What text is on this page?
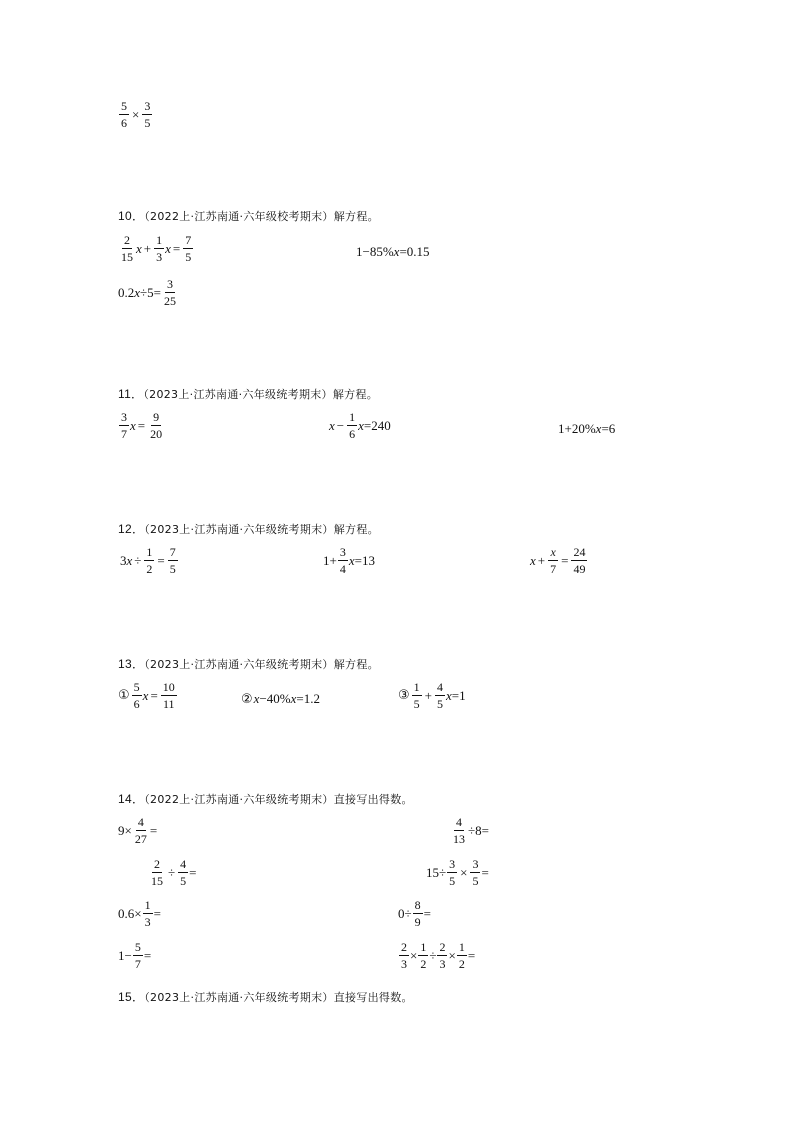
$\frac{5}{6} \times \frac{3}{5}$
10．（2022上·江苏南通·六年级校考期末）解方程。
$\frac{2}{15}$ $x + \frac{1}{3}$ $x = \frac{7}{5}$	1−85% x =0.15
0.2 $x \div 5= \frac{3}{25}$
11．（2023上·江苏南通·六年级统考期末）解方程。
$\frac{3}{7}$ $x = \frac{9}{20}$	$x - \frac{1}{6}$ x =240	1+20% x =6
12．（2023上·江苏南通·六年级统考期末）解方程。
3 $x \div \frac{1}{2} = \frac{7}{5}$	$1+ \frac{3}{4}$ x =13	$x + \frac{x}{7} = \frac{24}{49}$
13．（2023上·江苏南通·六年级统考期末）解方程。
① $\frac{5}{6}$ $x = \frac{10}{11}$	② x −40% x =1.2	③ $\frac{1}{5} + \frac{4}{5}$ x =1
14．（2022上·江苏南通·六年级统考期末）直接写出得数。
$9\times \frac{4}{27}$ =	$\frac{4}{13} \div 8=$
$\frac{2}{15} \div \frac{4}{5}$ =	$15\div \frac{3}{5} \times \frac{3}{5}$ =
$0.6\times \frac{1}{3}$ =	$0\div \frac{8}{9}$ =
$1- \frac{5}{7}$ =	$\frac{2}{3} \times \frac{1}{2} \div \frac{2}{3} \times \frac{1}{2}$ =
15．（2023上·江苏南通·六年级统考期末）直接写出得数。
